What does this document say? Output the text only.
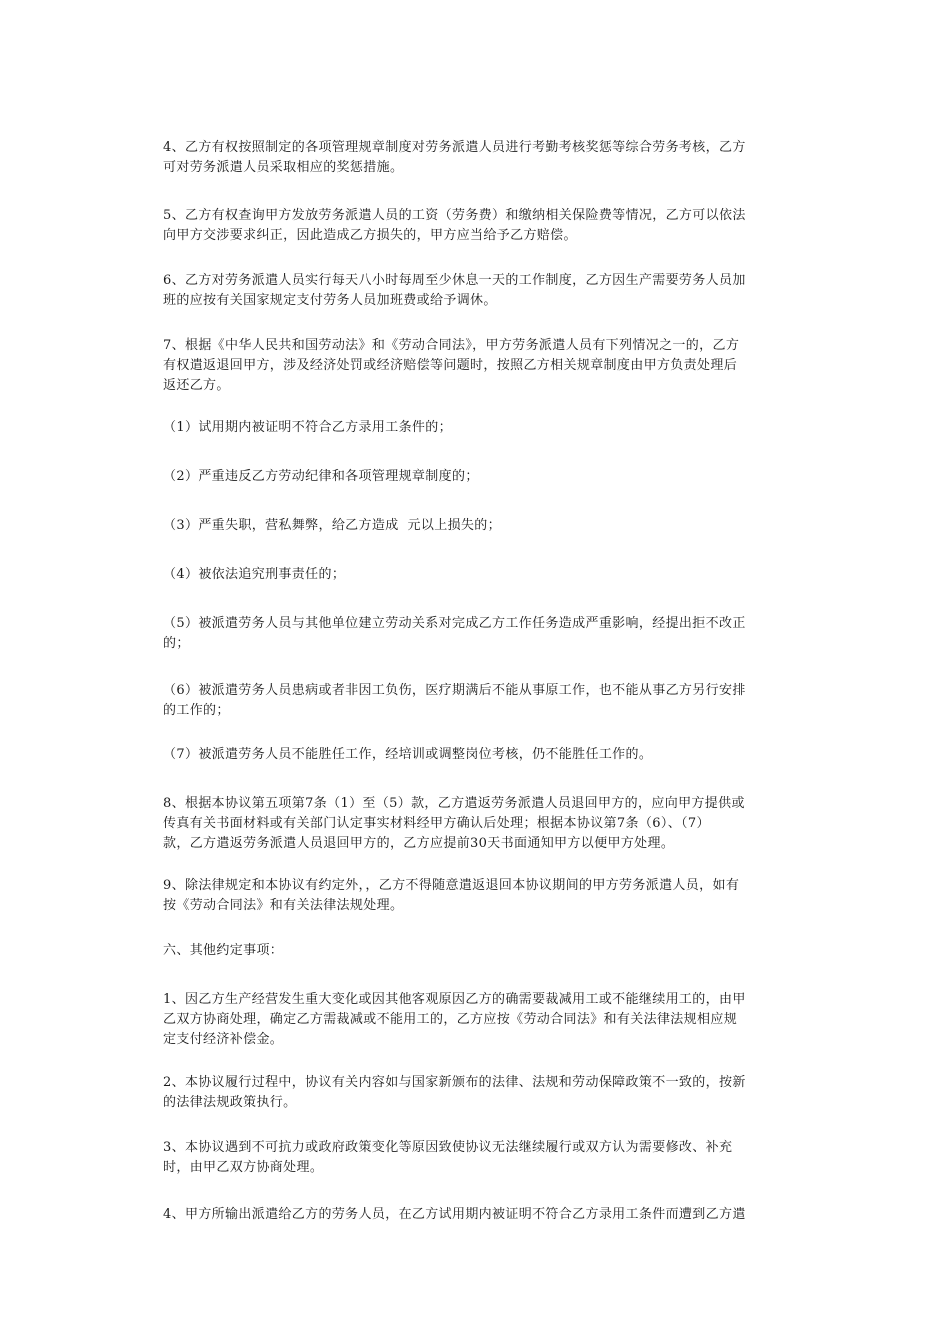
4、乙方有权按照制定的各项管理规章制度对劳务派遣人员进行考勤考核奖惩等综合劳务考核，乙方
可对劳务派遣人员采取相应的奖惩措施。

5、乙方有权查询甲方发放劳务派遣人员的工资（劳务费）和缴纳相关保险费等情况，乙方可以依法
向甲方交涉要求纠正，因此造成乙方损失的，甲方应当给予乙方赔偿。

6、乙方对劳务派遣人员实行每天八小时每周至少休息一天的工作制度，乙方因生产需要劳务人员加
班的应按有关国家规定支付劳务人员加班费或给予调休。

7、根据《中华人民共和国劳动法》和《劳动合同法》，甲方劳务派遣人员有下列情况之一的，乙方
有权遣返退回甲方，涉及经济处罚或经济赔偿等问题时，按照乙方相关规章制度由甲方负责处理后
返还乙方。

（1）试用期内被证明不符合乙方录用工条件的；

（2）严重违反乙方劳动纪律和各项管理规章制度的；

（3）严重失职，营私舞弊，给乙方造成  元以上损失的；

（4）被依法追究刑事责任的；

（5）被派遣劳务人员与其他单位建立劳动关系对完成乙方工作任务造成严重影响，经提出拒不改正
的；

（6）被派遣劳务人员患病或者非因工负伤，医疗期满后不能从事原工作，也不能从事乙方另行安排
的工作的；

（7）被派遣劳务人员不能胜任工作，经培训或调整岗位考核，仍不能胜任工作的。

8、根据本协议第五项第7条（1）至（5）款，乙方遣返劳务派遣人员退回甲方的，应向甲方提供或
传真有关书面材料或有关部门认定事实材料经甲方确认后处理；根据本协议第7条（6）、（7）
款，乙方遣返劳务派遣人员退回甲方的，乙方应提前30天书面通知甲方以便甲方处理。

9、除法律规定和本协议有约定外，，乙方不得随意遣返退回本协议期间的甲方劳务派遣人员，如有
按《劳动合同法》和有关法律法规处理。

六、其他约定事项：

1、因乙方生产经营发生重大变化或因其他客观原因乙方的确需要裁减用工或不能继续用工的，由甲
乙双方协商处理，确定乙方需裁减或不能用工的，乙方应按《劳动合同法》和有关法律法规相应规
定支付经济补偿金。

2、本协议履行过程中，协议有关内容如与国家新颁布的法律、法规和劳动保障政策不一致的，按新
的法律法规政策执行。

3、本协议遇到不可抗力或政府政策变化等原因致使协议无法继续履行或双方认为需要修改、补充
时，由甲乙双方协商处理。

4、甲方所输出派遣给乙方的劳务人员，在乙方试用期内被证明不符合乙方录用工条件而遭到乙方遣
